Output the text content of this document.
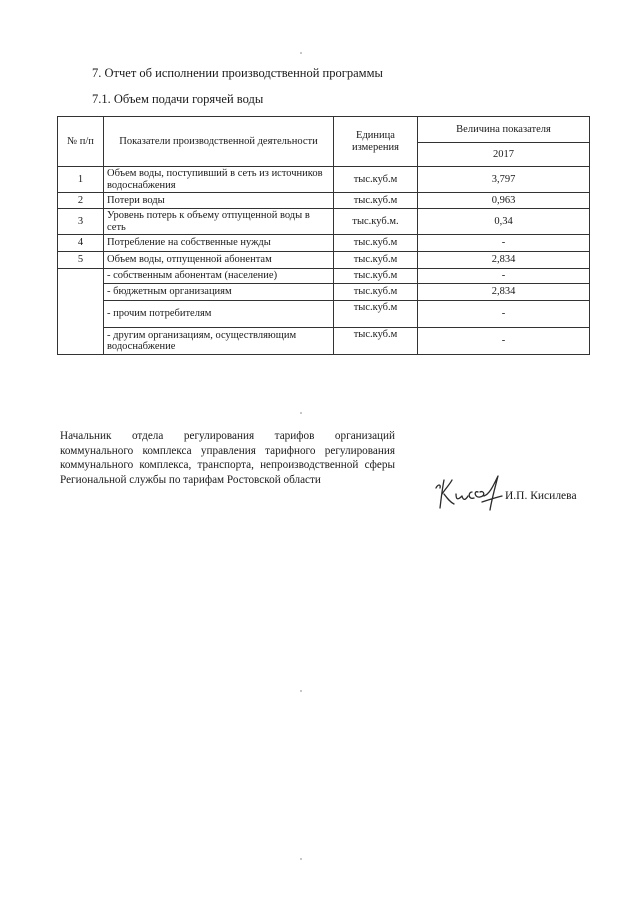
7. Отчет об исполнении производственной программы
7.1. Объем подачи горячей воды
№ п/п	Показатели производственной деятельности	Единица измерения	Величина показателя
			2017
1	Объем воды, поступивший в сеть из источников водоснабжения	тыс.куб.м	3,797
2	Потери воды	тыс.куб.м	0,963
3	Уровень потерь к объему отпущенной воды в сеть	тыс.куб.м.	0,34
4	Потребление на собственные нужды	тыс.куб.м	-
5	Объем воды, отпущенной абонентам	тыс.куб.м	2,834
	- собственным абонентам (население)	тыс.куб.м	-
	- бюджетным организациям	тыс.куб.м	2,834
	- прочим потребителям	тыс.куб.м	-
	- другим организациям, осуществляющим водоснабжение	тыс.куб.м	-
Начальник отдела регулирования тарифов организаций коммунального комплекса управления тарифного регулирования коммунального комплекса, транспорта, непроизводственной сферы Региональной службы по тарифам Ростовской области
И.П. Кисилева
